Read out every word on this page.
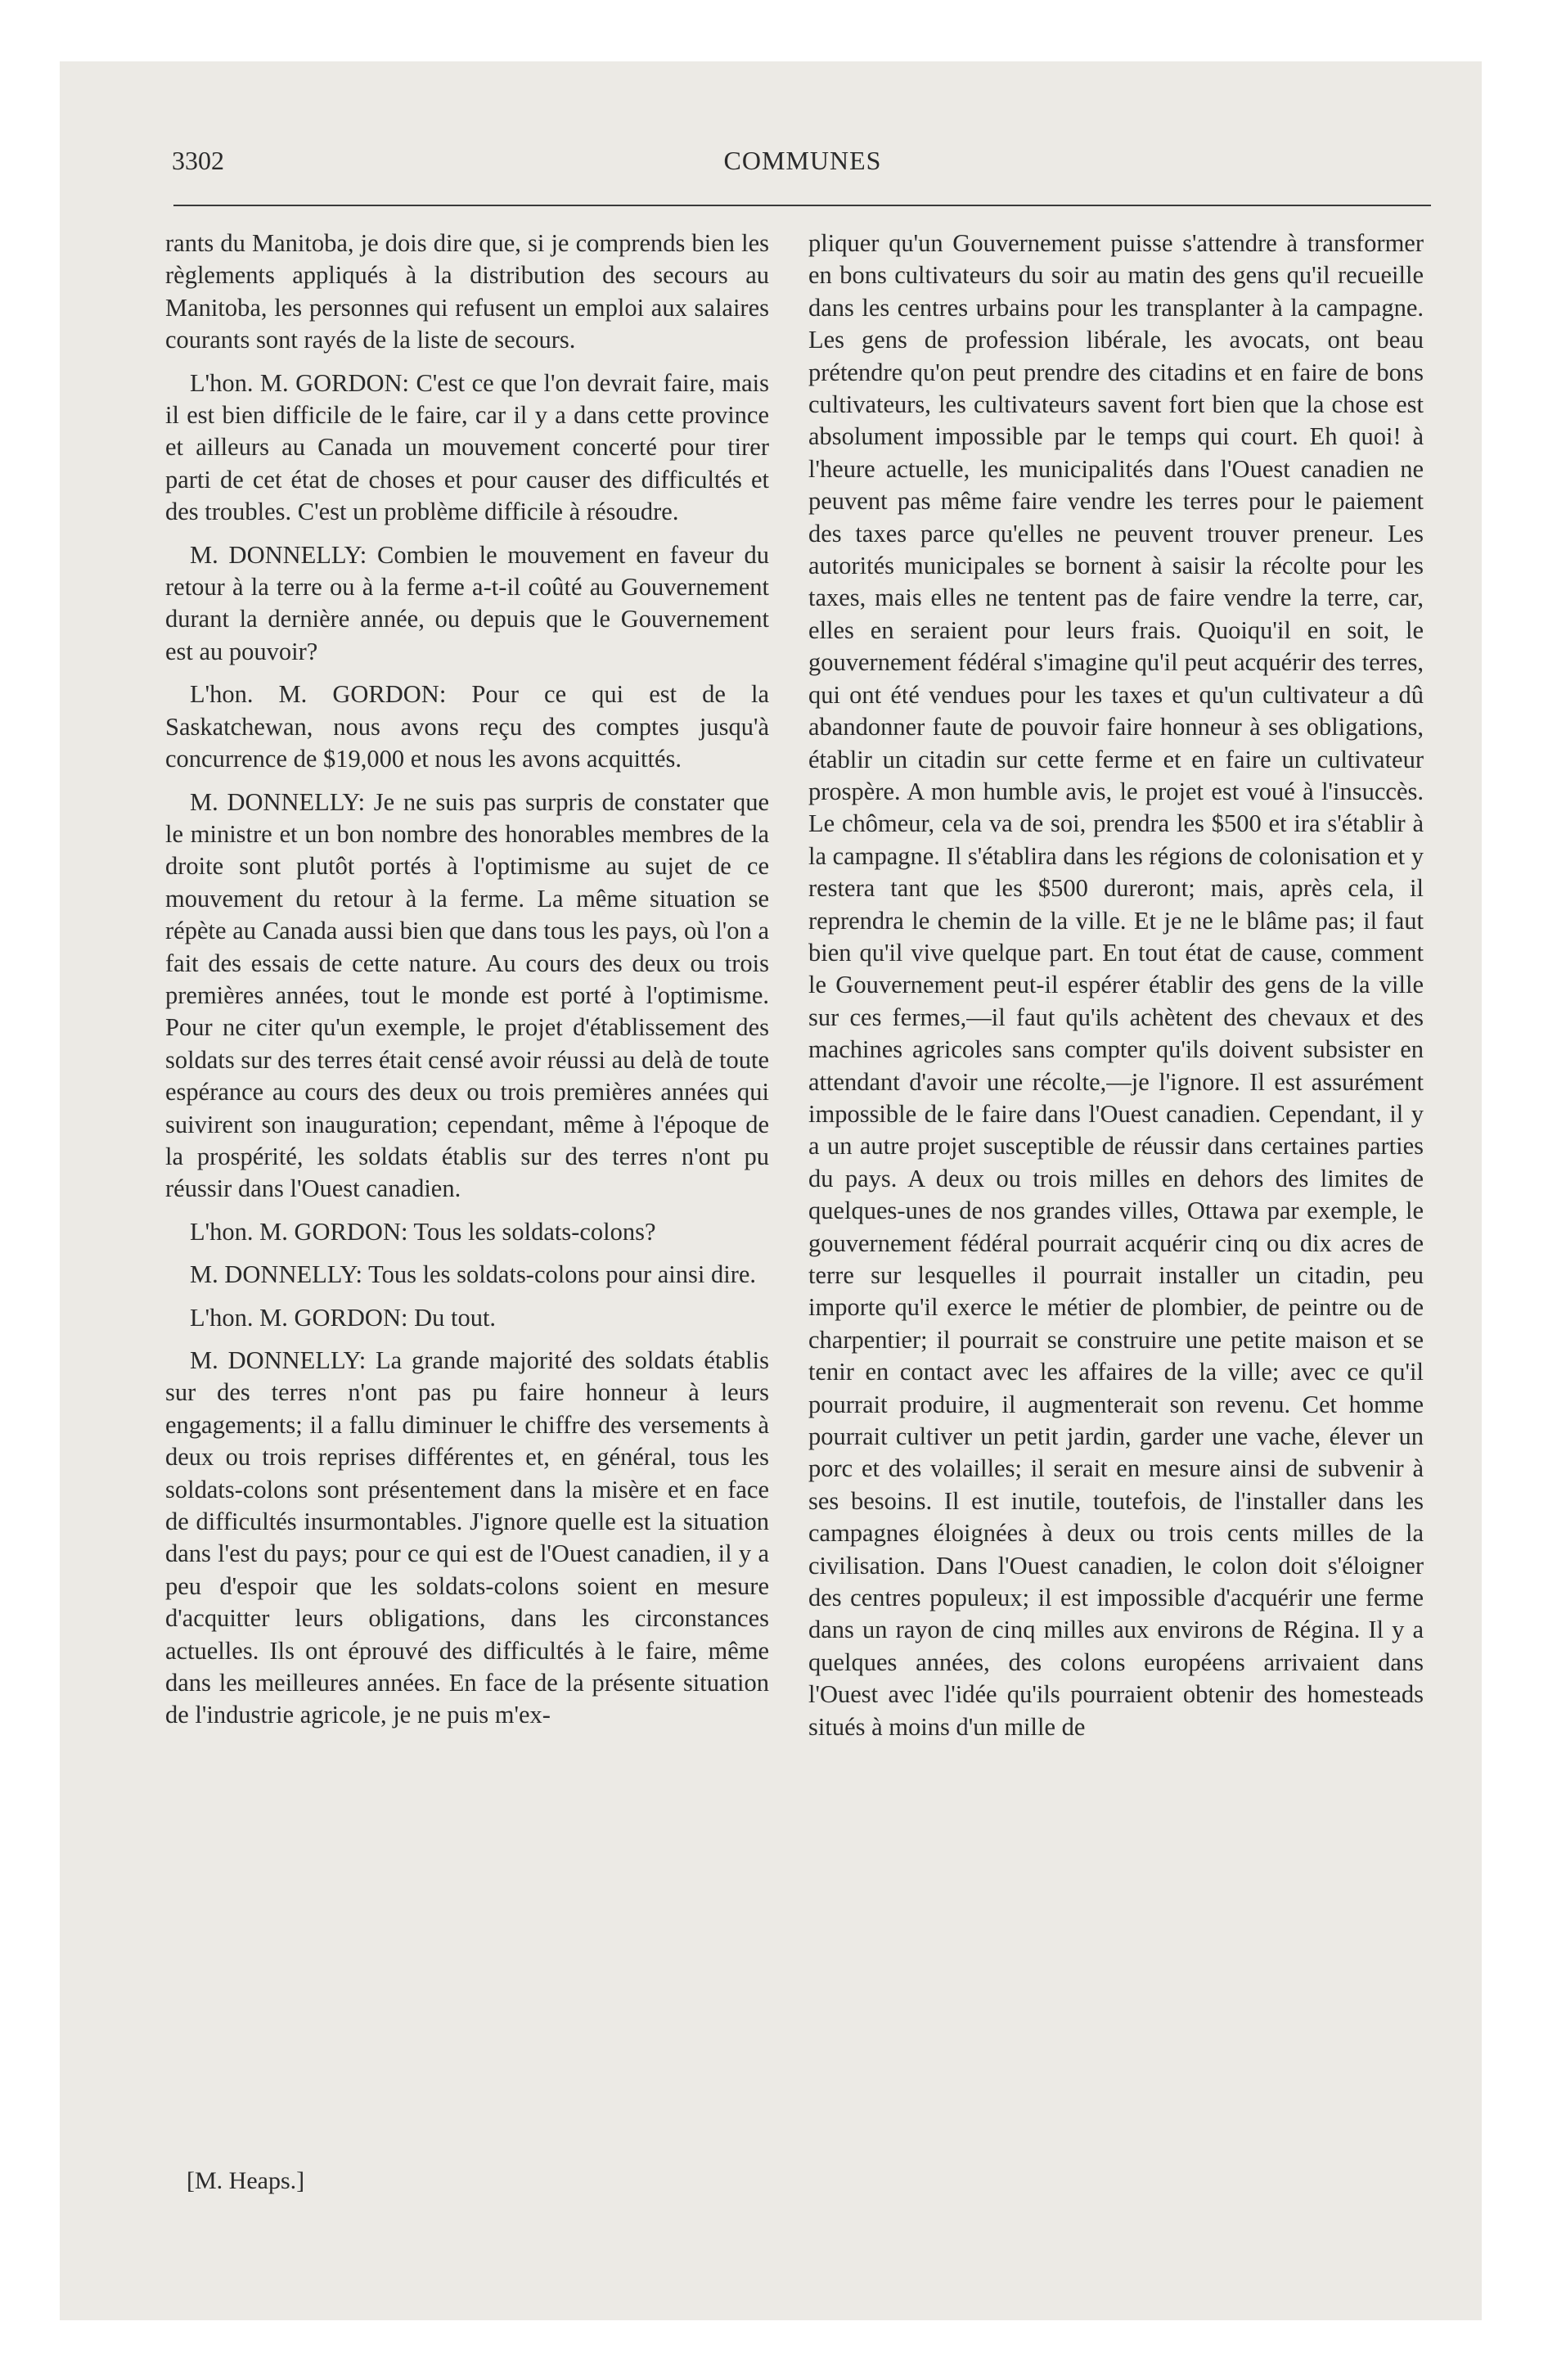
3302	COMMUNES

rants du Manitoba, je dois dire que, si je comprends bien les règlements appliqués à la distribution des secours au Manitoba, les personnes qui refusent un emploi aux salaires courants sont rayés de la liste de secours.

L'hon. M. GORDON: C'est ce que l'on devrait faire, mais il est bien difficile de le faire, car il y a dans cette province et ailleurs au Canada un mouvement concerté pour tirer parti de cet état de choses et pour causer des difficultés et des troubles. C'est un problème difficile à résoudre.

M. DONNELLY: Combien le mouvement en faveur du retour à la terre ou à la ferme a-t-il coûté au Gouvernement durant la dernière année, ou depuis que le Gouvernement est au pouvoir?

L'hon. M. GORDON: Pour ce qui est de la Saskatchewan, nous avons reçu des comptes jusqu'à concurrence de $19,000 et nous les avons acquittés.

M. DONNELLY: Je ne suis pas surpris de constater que le ministre et un bon nombre des honorables membres de la droite sont plutôt portés à l'optimisme au sujet de ce mouvement du retour à la ferme. La même situation se répète au Canada aussi bien que dans tous les pays, où l'on a fait des essais de cette nature. Au cours des deux ou trois premières années, tout le monde est porté à l'optimisme. Pour ne citer qu'un exemple, le projet d'établissement des soldats sur des terres était censé avoir réussi au delà de toute espérance au cours des deux ou trois premières années qui suivirent son inauguration; cependant, même à l'époque de la prospérité, les soldats établis sur des terres n'ont pu réussir dans l'Ouest canadien.

L'hon. M. GORDON: Tous les soldats-colons?

M. DONNELLY: Tous les soldats-colons pour ainsi dire.

L'hon. M. GORDON: Du tout.

M. DONNELLY: La grande majorité des soldats établis sur des terres n'ont pas pu faire honneur à leurs engagements; il a fallu diminuer le chiffre des versements à deux ou trois reprises différentes et, en général, tous les soldats-colons sont présentement dans la misère et en face de difficultés insurmontables. J'ignore quelle est la situation dans l'est du pays; pour ce qui est de l'Ouest canadien, il y a peu d'espoir que les soldats-colons soient en mesure d'acquitter leurs obligations, dans les circonstances actuelles. Ils ont éprouvé des difficultés à le faire, même dans les meilleures années. En face de la présente situation de l'industrie agricole, je ne puis m'ex-

pliquer qu'un Gouvernement puisse s'attendre à transformer en bons cultivateurs du soir au matin des gens qu'il recueille dans les centres urbains pour les transplanter à la campagne. Les gens de profession libérale, les avocats, ont beau prétendre qu'on peut prendre des citadins et en faire de bons cultivateurs, les cultivateurs savent fort bien que la chose est absolument impossible par le temps qui court. Eh quoi! à l'heure actuelle, les municipalités dans l'Ouest canadien ne peuvent pas même faire vendre les terres pour le paiement des taxes parce qu'elles ne peuvent trouver preneur. Les autorités municipales se bornent à saisir la récolte pour les taxes, mais elles ne tentent pas de faire vendre la terre, car, elles en seraient pour leurs frais. Quoiqu'il en soit, le gouvernement fédéral s'imagine qu'il peut acquérir des terres, qui ont été vendues pour les taxes et qu'un cultivateur a dû abandonner faute de pouvoir faire honneur à ses obligations, établir un citadin sur cette ferme et en faire un cultivateur prospère. A mon humble avis, le projet est voué à l'insuccès. Le chômeur, cela va de soi, prendra les $500 et ira s'établir à la campagne. Il s'établira dans les régions de colonisation et y restera tant que les $500 dureront; mais, après cela, il reprendra le chemin de la ville. Et je ne le blâme pas; il faut bien qu'il vive quelque part. En tout état de cause, comment le Gouvernement peut-il espérer établir des gens de la ville sur ces fermes,—il faut qu'ils achètent des chevaux et des machines agricoles sans compter qu'ils doivent subsister en attendant d'avoir une récolte,—je l'ignore. Il est assurément impossible de le faire dans l'Ouest canadien. Cependant, il y a un autre projet susceptible de réussir dans certaines parties du pays. A deux ou trois milles en dehors des limites de quelques-unes de nos grandes villes, Ottawa par exemple, le gouvernement fédéral pourrait acquérir cinq ou dix acres de terre sur lesquelles il pourrait installer un citadin, peu importe qu'il exerce le métier de plombier, de peintre ou de charpentier; il pourrait se construire une petite maison et se tenir en contact avec les affaires de la ville; avec ce qu'il pourrait produire, il augmenterait son revenu. Cet homme pourrait cultiver un petit jardin, garder une vache, élever un porc et des volailles; il serait en mesure ainsi de subvenir à ses besoins. Il est inutile, toutefois, de l'installer dans les campagnes éloignées à deux ou trois cents milles de la civilisation. Dans l'Ouest canadien, le colon doit s'éloigner des centres populeux; il est impossible d'acquérir une ferme dans un rayon de cinq milles aux environs de Régina. Il y a quelques années, des colons européens arrivaient dans l'Ouest avec l'idée qu'ils pourraient obtenir des homesteads situés à moins d'un mille de

[M. Heaps.]
